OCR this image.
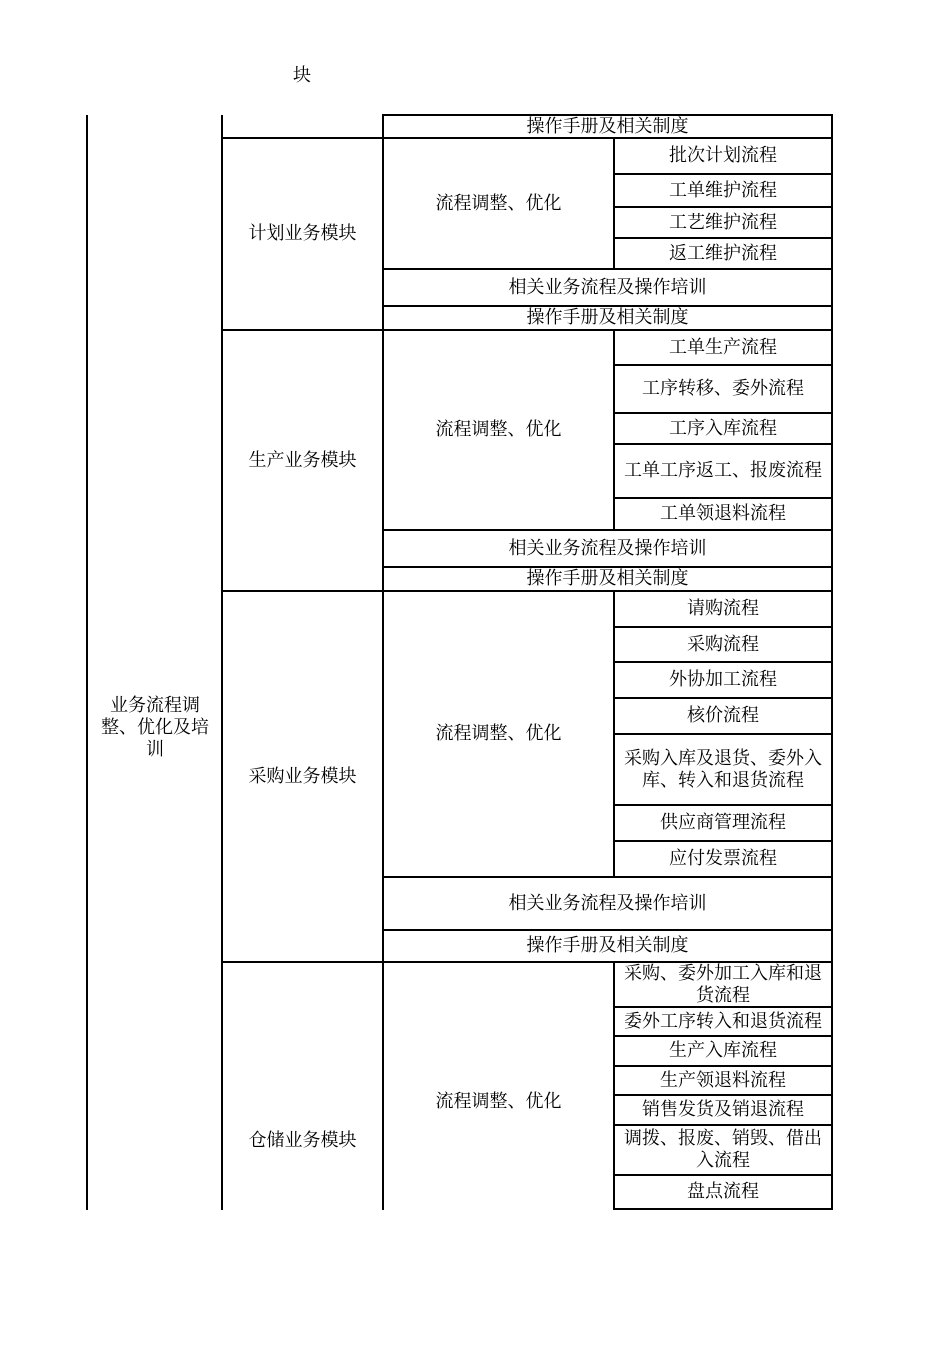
块
业务流程调整、优化及培训
操作手册及相关制度
计划业务模块
流程调整、优化
批次计划流程
工单维护流程
工艺维护流程
返工维护流程
相关业务流程及操作培训
操作手册及相关制度
生产业务模块
流程调整、优化
工单生产流程
工序转移、委外流程
工序入库流程
工单工序返工、报废流程
工单领退料流程
相关业务流程及操作培训
操作手册及相关制度
采购业务模块
流程调整、优化
请购流程
采购流程
外协加工流程
核价流程
采购入库及退货、委外入库、转入和退货流程
供应商管理流程
应付发票流程
相关业务流程及操作培训
操作手册及相关制度
仓储业务模块
流程调整、优化
采购、委外加工入库和退货流程
委外工序转入和退货流程
生产入库流程
生产领退料流程
销售发货及销退流程
调拨、报废、销毁、借出入流程
盘点流程
